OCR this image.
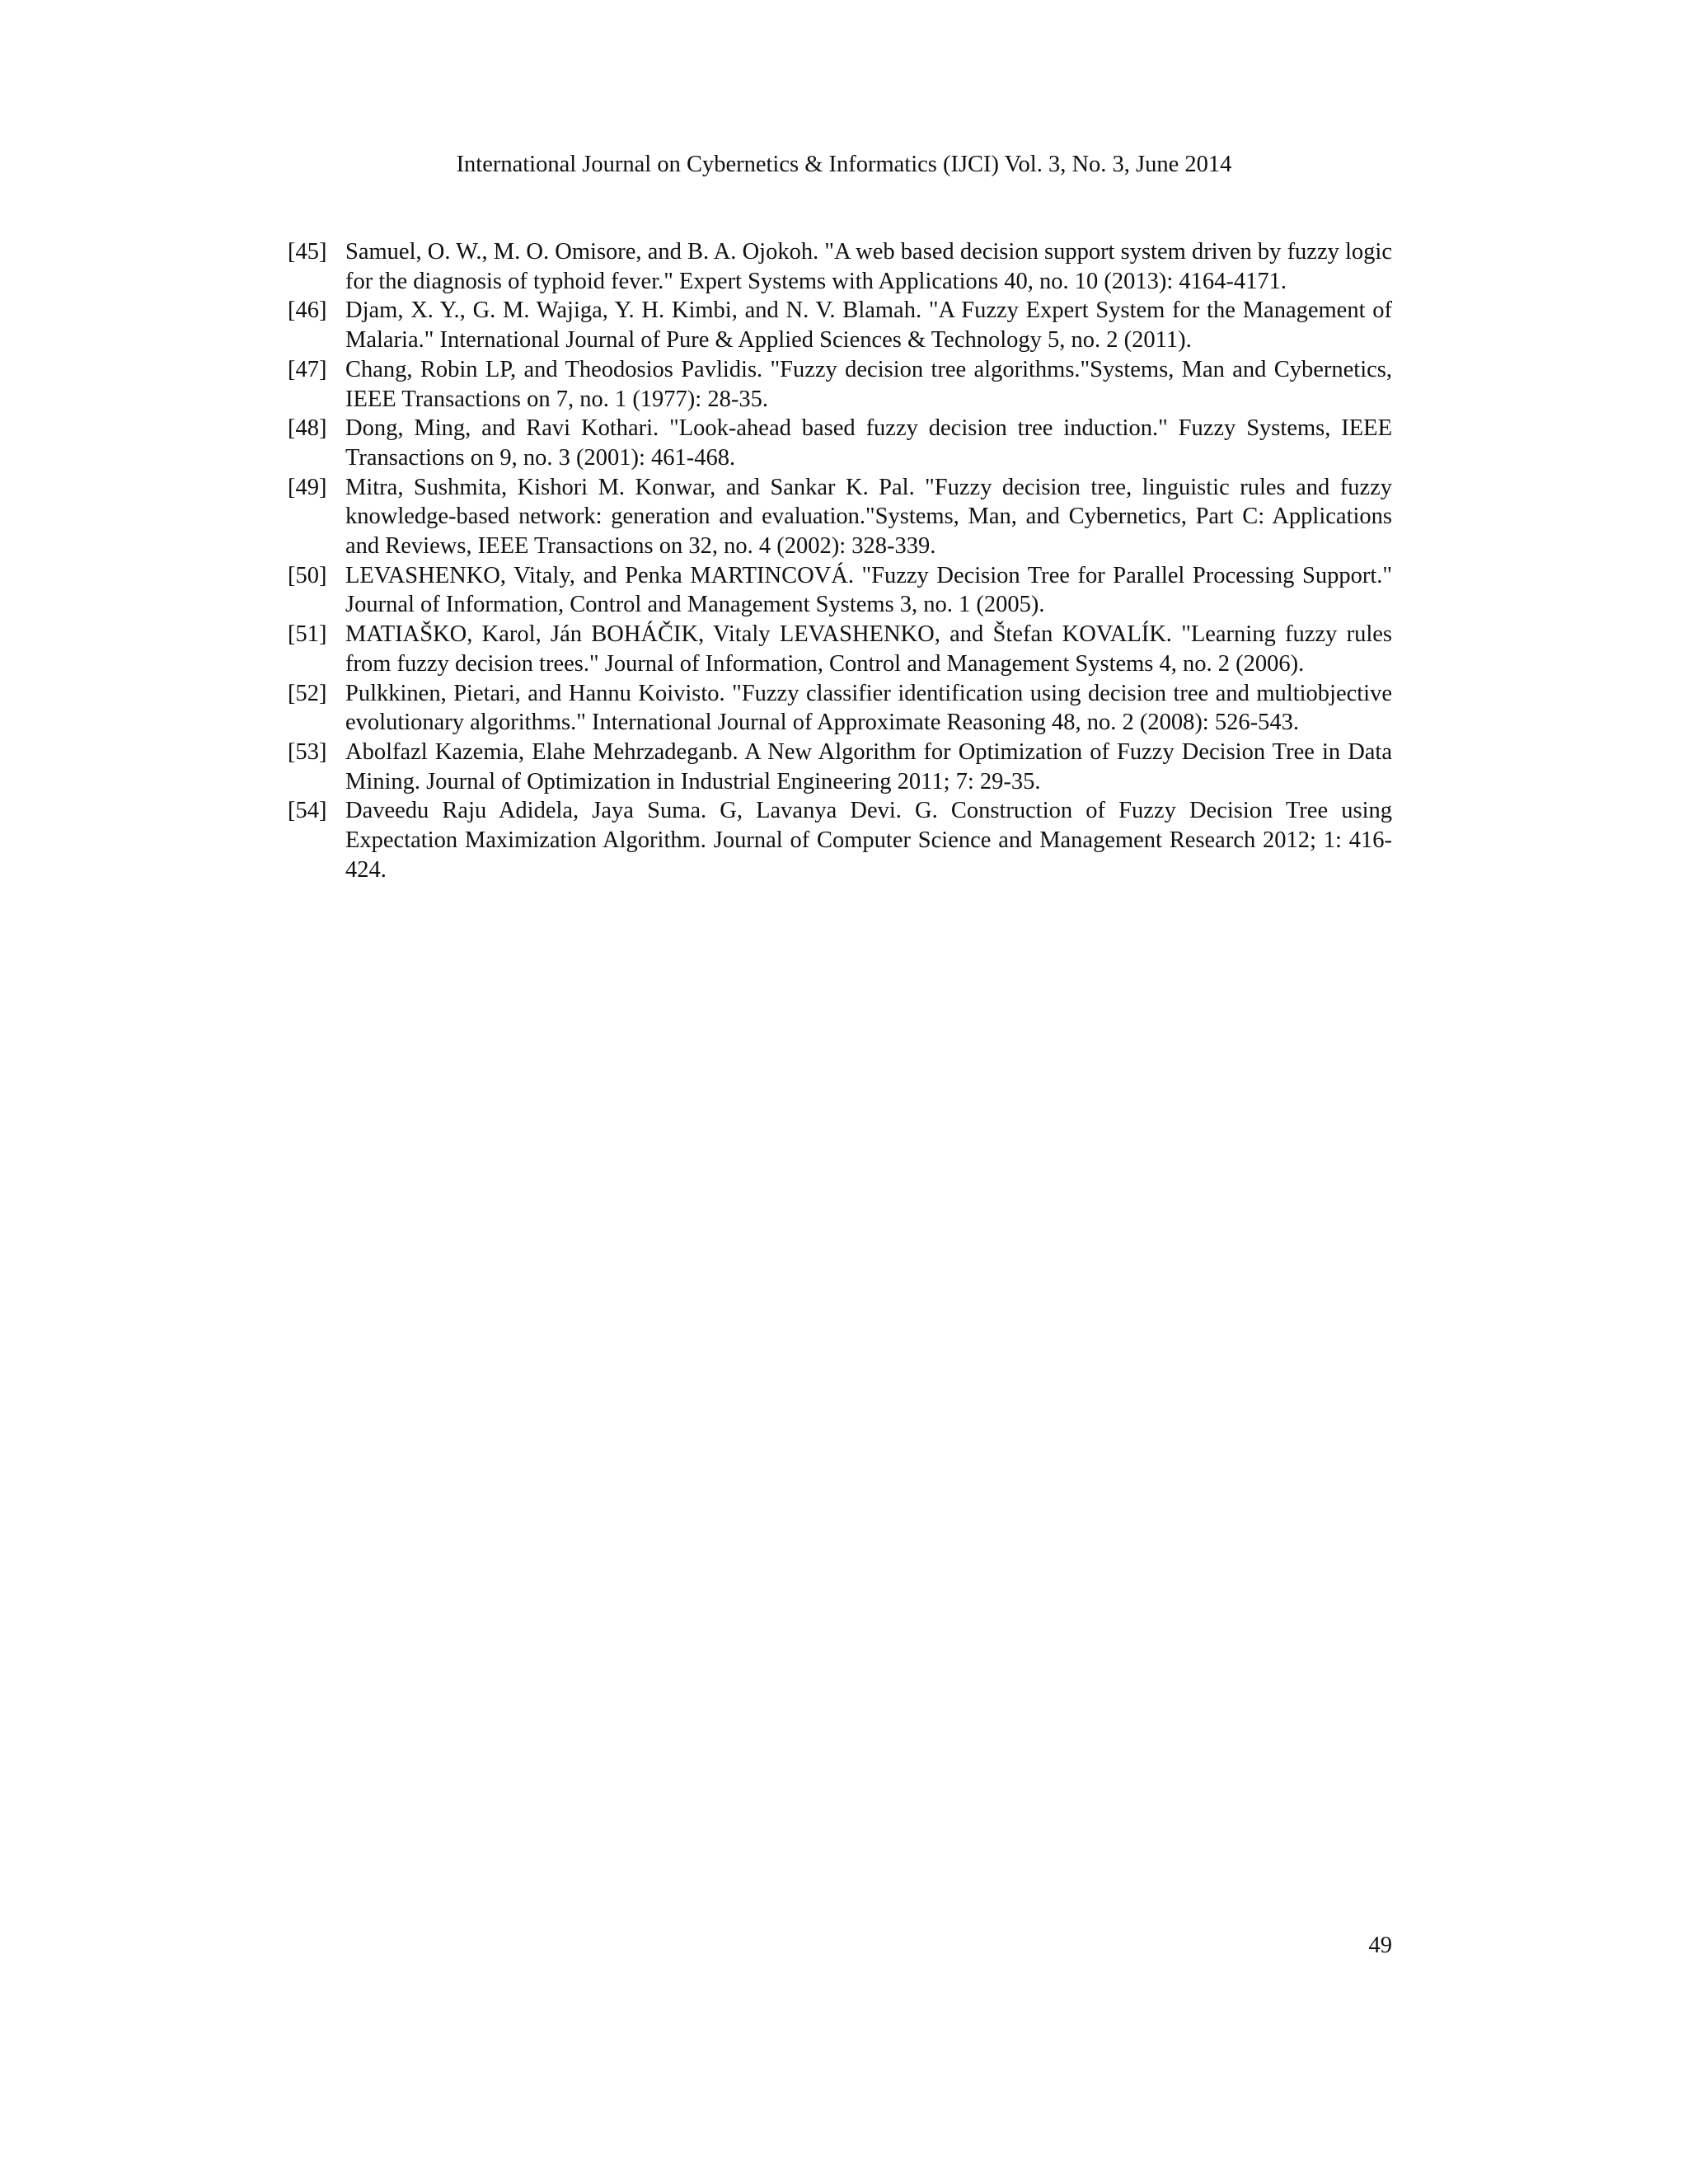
International Journal on Cybernetics & Informatics (IJCI) Vol. 3, No. 3, June 2014
[45] Samuel, O. W., M. O. Omisore, and B. A. Ojokoh. "A web based decision support system driven by fuzzy logic for the diagnosis of typhoid fever." Expert Systems with Applications 40, no. 10 (2013): 4164-4171.
[46] Djam, X. Y., G. M. Wajiga, Y. H. Kimbi, and N. V. Blamah. "A Fuzzy Expert System for the Management of Malaria." International Journal of Pure & Applied Sciences & Technology 5, no. 2 (2011).
[47] Chang, Robin LP, and Theodosios Pavlidis. "Fuzzy decision tree algorithms."Systems, Man and Cybernetics, IEEE Transactions on 7, no. 1 (1977): 28-35.
[48] Dong, Ming, and Ravi Kothari. "Look-ahead based fuzzy decision tree induction." Fuzzy Systems, IEEE Transactions on 9, no. 3 (2001): 461-468.
[49] Mitra, Sushmita, Kishori M. Konwar, and Sankar K. Pal. "Fuzzy decision tree, linguistic rules and fuzzy knowledge-based network: generation and evaluation."Systems, Man, and Cybernetics, Part C: Applications and Reviews, IEEE Transactions on 32, no. 4 (2002): 328-339.
[50] LEVASHENKO, Vitaly, and Penka MARTINCOVÁ. "Fuzzy Decision Tree for Parallel Processing Support." Journal of Information, Control and Management Systems 3, no. 1 (2005).
[51] MATIAŠKO, Karol, Ján BOHÁČIK, Vitaly LEVASHENKO, and Štefan KOVALÍK. "Learning fuzzy rules from fuzzy decision trees." Journal of Information, Control and Management Systems 4, no. 2 (2006).
[52] Pulkkinen, Pietari, and Hannu Koivisto. "Fuzzy classifier identification using decision tree and multiobjective evolutionary algorithms." International Journal of Approximate Reasoning 48, no. 2 (2008): 526-543.
[53] Abolfazl Kazemia, Elahe Mehrzadeganb. A New Algorithm for Optimization of Fuzzy Decision Tree in Data Mining. Journal of Optimization in Industrial Engineering 2011; 7: 29-35.
[54] Daveedu Raju Adidela, Jaya Suma. G, Lavanya Devi. G. Construction of Fuzzy Decision Tree using Expectation Maximization Algorithm. Journal of Computer Science and Management Research 2012; 1: 416-424.
49
